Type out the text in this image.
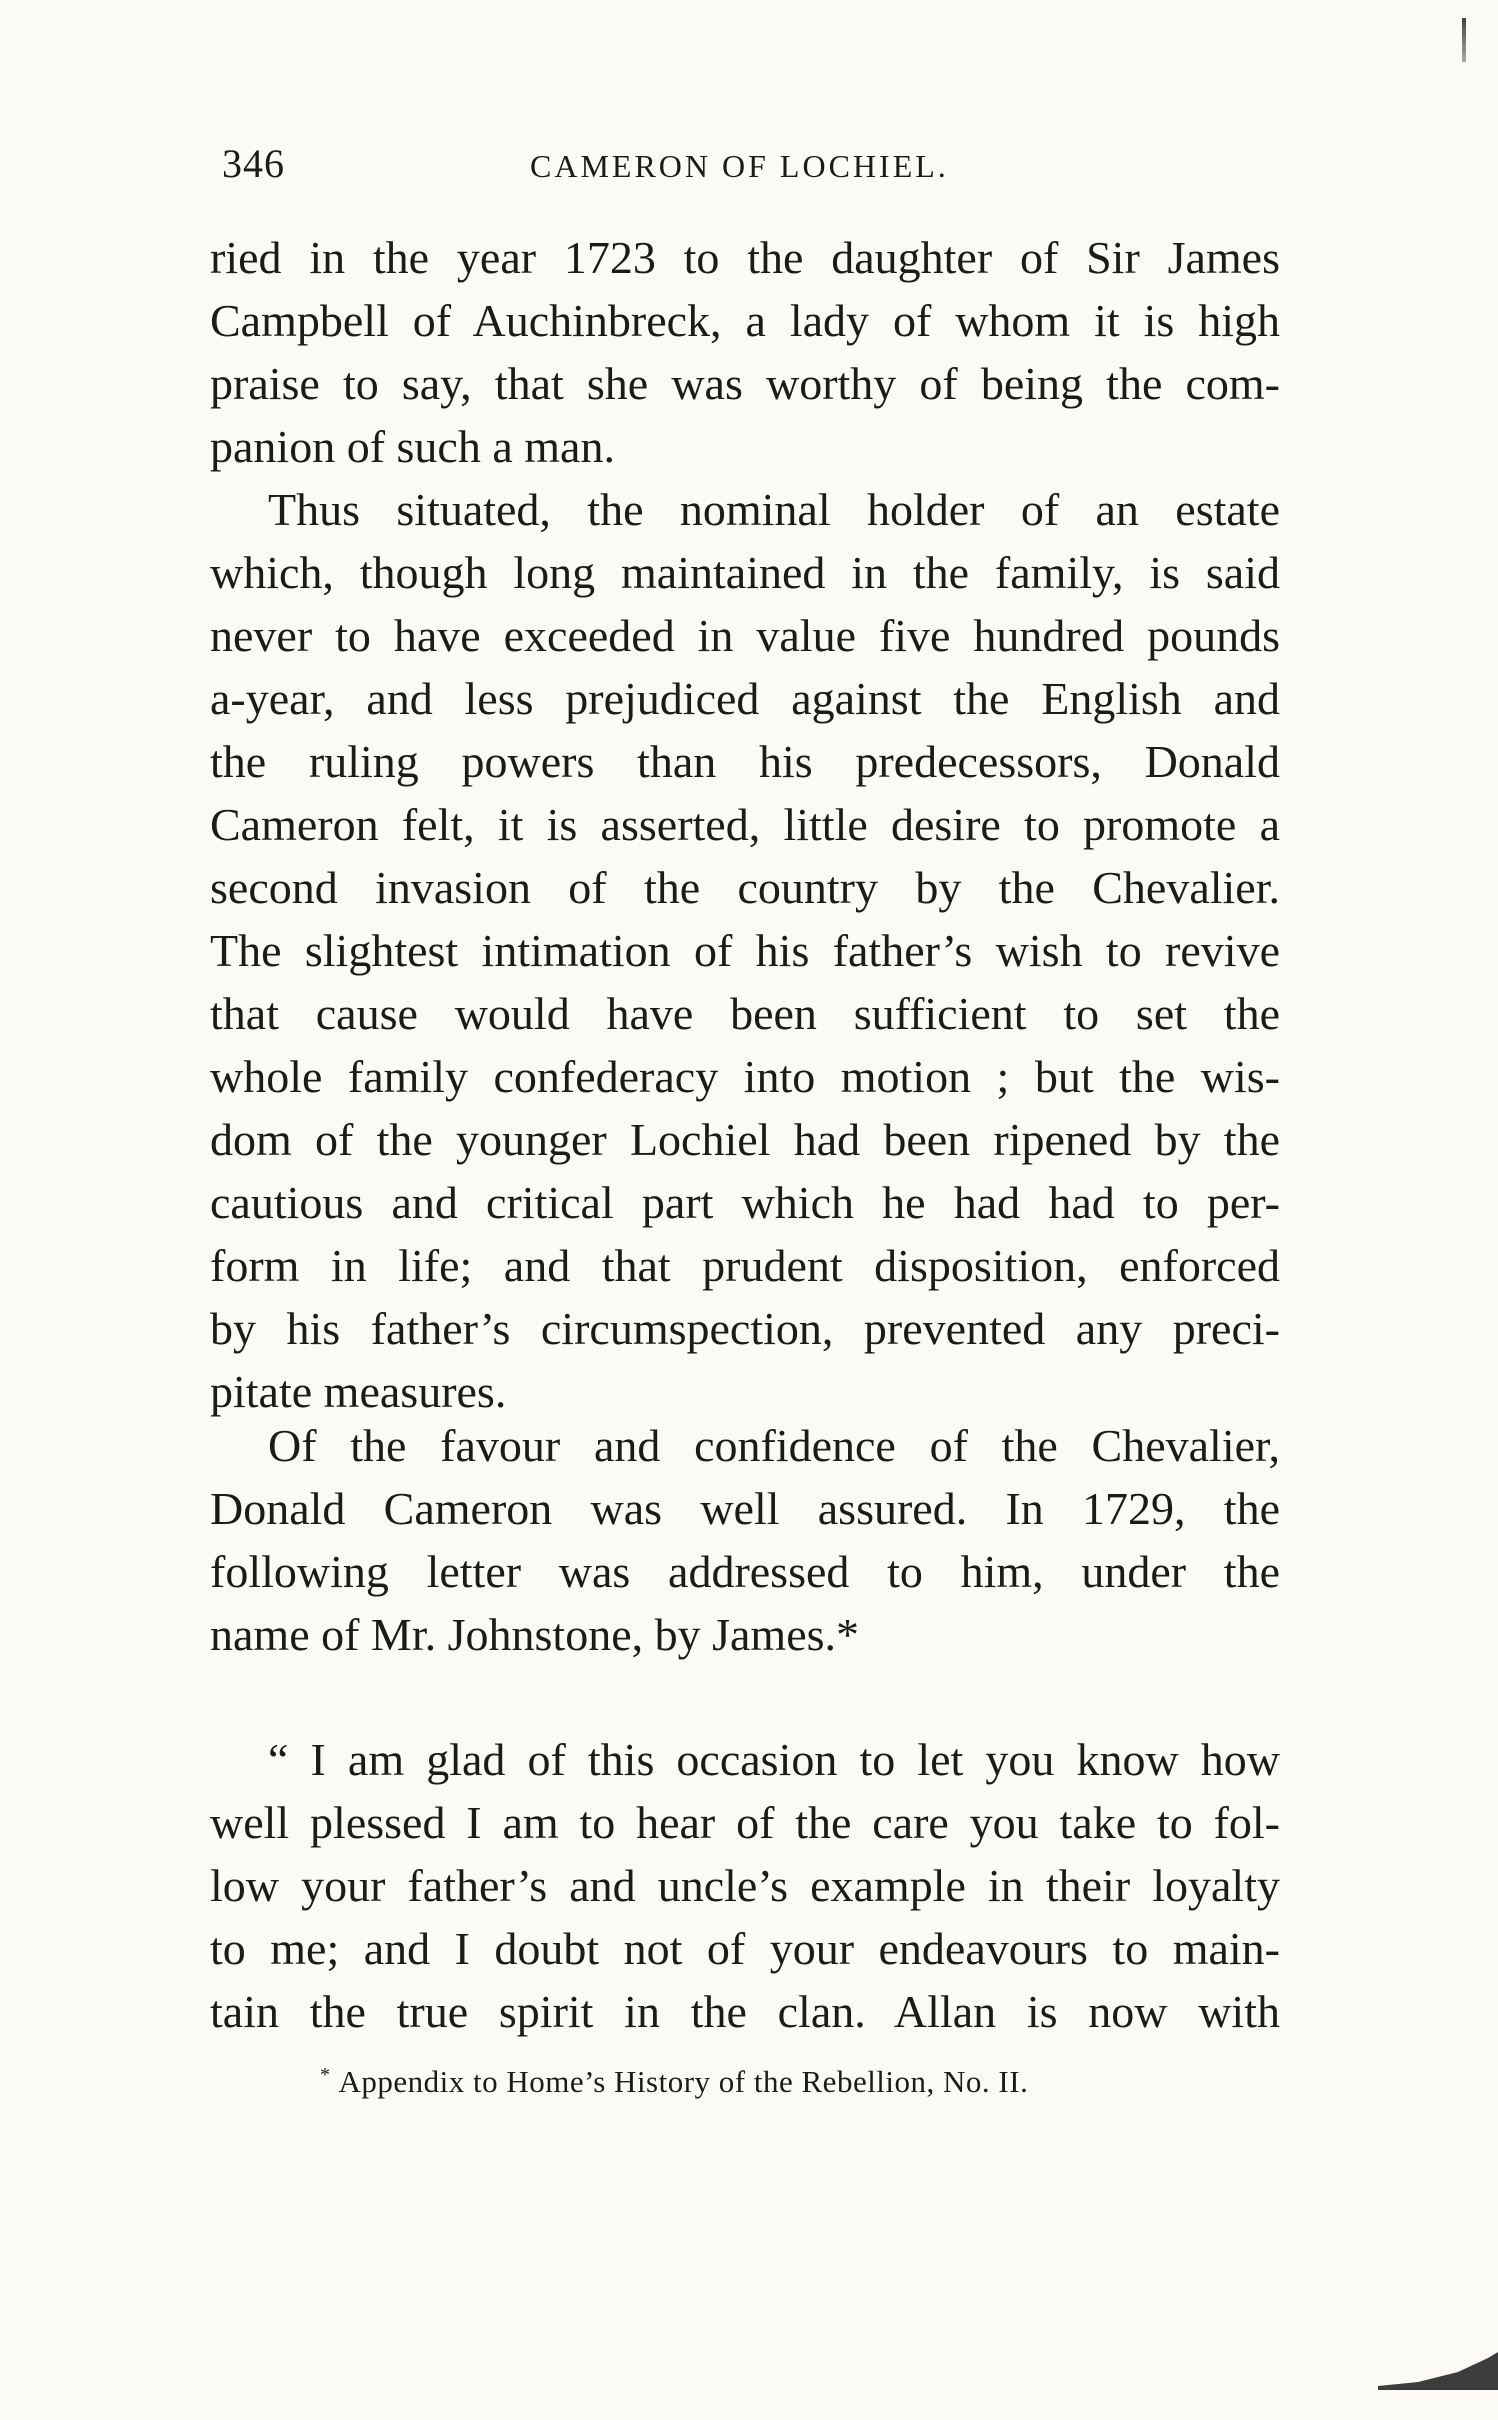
346	CAMERON OF LOCHIEL.
ried in the year 1723 to the daughter of Sir James
Campbell of Auchinbreck, a lady of whom it is high
praise to say, that she was worthy of being the com-
panion of such a man.
Thus situated, the nominal holder of an estate
which, though long maintained in the family, is said
never to have exceeded in value five hundred pounds
a-year, and less prejudiced against the English and
the ruling powers than his predecessors, Donald
Cameron felt, it is asserted, little desire to promote a
second invasion of the country by the Chevalier.
The slightest intimation of his father’s wish to revive
that cause would have been sufficient to set the
whole family confederacy into motion ; but the wis-
dom of the younger Lochiel had been ripened by the
cautious and critical part which he had had to per-
form in life; and that prudent disposition, enforced
by his father’s circumspection, prevented any preci-
pitate measures.
Of the favour and confidence of the Chevalier,
Donald Cameron was well assured. In 1729, the
following letter was addressed to him, under the
name of Mr. Johnstone, by James.*
“ I am glad of this occasion to let you know how
well plessed I am to hear of the care you take to fol-
low your father’s and uncle’s example in their loyalty
to me; and I doubt not of your endeavours to main-
tain the true spirit in the clan. Allan is now with
* Appendix to Home’s History of the Rebellion, No. II.
